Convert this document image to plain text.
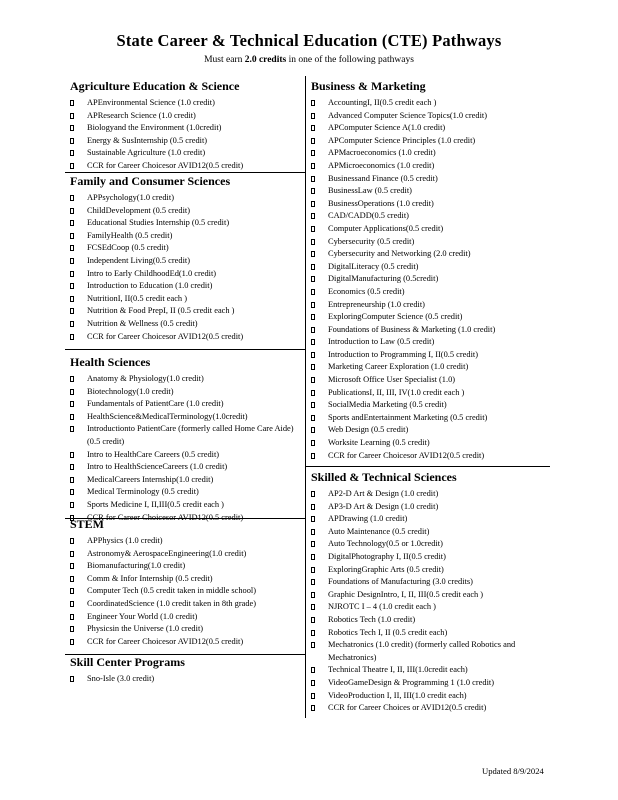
State Career & Technical Education (CTE) Pathways
Must earn 2.0 credits in one of the following pathways
Agriculture Education & Science
APEnvironmental Science (1.0 credit)
APResearch Science (1.0 credit)
Biologyand the Environment (1.0credit)
Energy & SusInternship (0.5 credit)
Sustainable Agriculture (1.0 credit)
CCR for Career Choicesor AVID12(0.5 credit)
Family and Consumer Sciences
APPsychology(1.0 credit)
ChildDevelopment (0.5 credit)
Educational Studies Internship (0.5 credit)
FamilyHealth (0.5 credit)
FCSEdCoop (0.5 credit)
Independent Living(0.5 credit)
Intro to Early ChildhoodEd(1.0 credit)
Introduction to Education (1.0 credit)
NutritionI, II(0.5 credit each )
Nutrition & Food PrepI, II (0.5 credit each )
Nutrition & Wellness (0.5 credit)
CCR for Career Choicesor AVID12(0.5 credit)
Health Sciences
Anatomy & Physiology(1.0 credit)
Biotechnology(1.0 credit)
Fundamentals of PatientCare (1.0 credit)
HealthScience&MedicalTerminology(1.0credit)
Introductionto PatientCare (formerly called Home Care Aide)(0.5 credit)
Intro to HealthCare Careers (0.5 credit)
Intro to HealthScienceCareers (1.0 credit)
MedicalCareers Internship(1.0 credit)
Medical Terminology (0.5 credit)
Sports Medicine I, II,III(0.5 credit each )
CCR for Career Choicesor AVID12(0.5 credit)
STEM
APPhysics (1.0 credit)
Astronomy& AerospaceEngineering(1.0 credit)
Biomanufacturing(1.0 credit)
Comm & Infor Internship (0.5 credit)
Computer Tech (0.5 credit taken in middle school)
CoordinatedScience (1.0 credit taken in 8th grade)
Engineer Your World (1.0 credit)
Physicsin the Universe (1.0 credit)
CCR for Career Choicesor AVID12(0.5 credit)
Skill Center Programs
Sno-Isle (3.0 credit)
Business & Marketing
AccountingI, II(0.5 credit each )
Advanced Computer Science Topics(1.0 credit)
APComputer Science A(1.0 credit)
APComputer Science Principles (1.0 credit)
APMacroeconomics (1.0 credit)
APMicroeconomics (1.0 credit)
Businessand Finance (0.5 credit)
BusinessLaw (0.5 credit)
BusinessOperations (1.0 credit)
CAD/CADD(0.5 credit)
Computer Applications(0.5 credit)
Cybersecurity (0.5 credit)
Cybersecurity and Networking (2.0 credit)
DigitalLiteracy (0.5 credit)
DigitalManufacturing (0.5credit)
Economics (0.5 credit)
Entrepreneurship (1.0 credit)
ExploringComputer Science (0.5 credit)
Foundations of Business & Marketing (1.0 credit)
Introduction to Law (0.5 credit)
Introduction to Programming I, II(0.5 credit)
Marketing Career Exploration (1.0 credit)
Microsoft Office User Specialist (1.0)
PublicationsI, II, III, IV(1.0 credit each )
SocialMedia Marketing (0.5 credit)
Sports andEntertainment Marketing (0.5 credit)
Web Design (0.5 credit)
Worksite Learning (0.5 credit)
CCR for Career Choicesor AVID12(0.5 credit)
Skilled & Technical Sciences
AP2-D Art & Design (1.0 credit)
AP3-D Art & Design (1.0 credit)
APDrawing (1.0 credit)
Auto Maintenance (0.5 credit)
Auto Technology(0.5 or 1.0credit)
DigitalPhotography I, II(0.5 credit)
ExploringGraphic Arts (0.5 credit)
Foundations of Manufacturing (3.0 credits)
Graphic DesignIntro, I, II, III(0.5 credit each )
NJROTC I – 4 (1.0 credit each )
Robotics Tech (1.0 credit)
Robotics Tech I, II (0.5 credit each)
Mechatronics (1.0 credit) (formerly called Robotics and Mechatronics)
Technical Theatre I, II, III(1.0credit each)
VideoGameDesign & Programming 1 (1.0 credit)
VideoProduction I, II, III(1.0 credit each)
CCR for Career Choices or AVID12(0.5 credit)
Updated 8/9/2024
